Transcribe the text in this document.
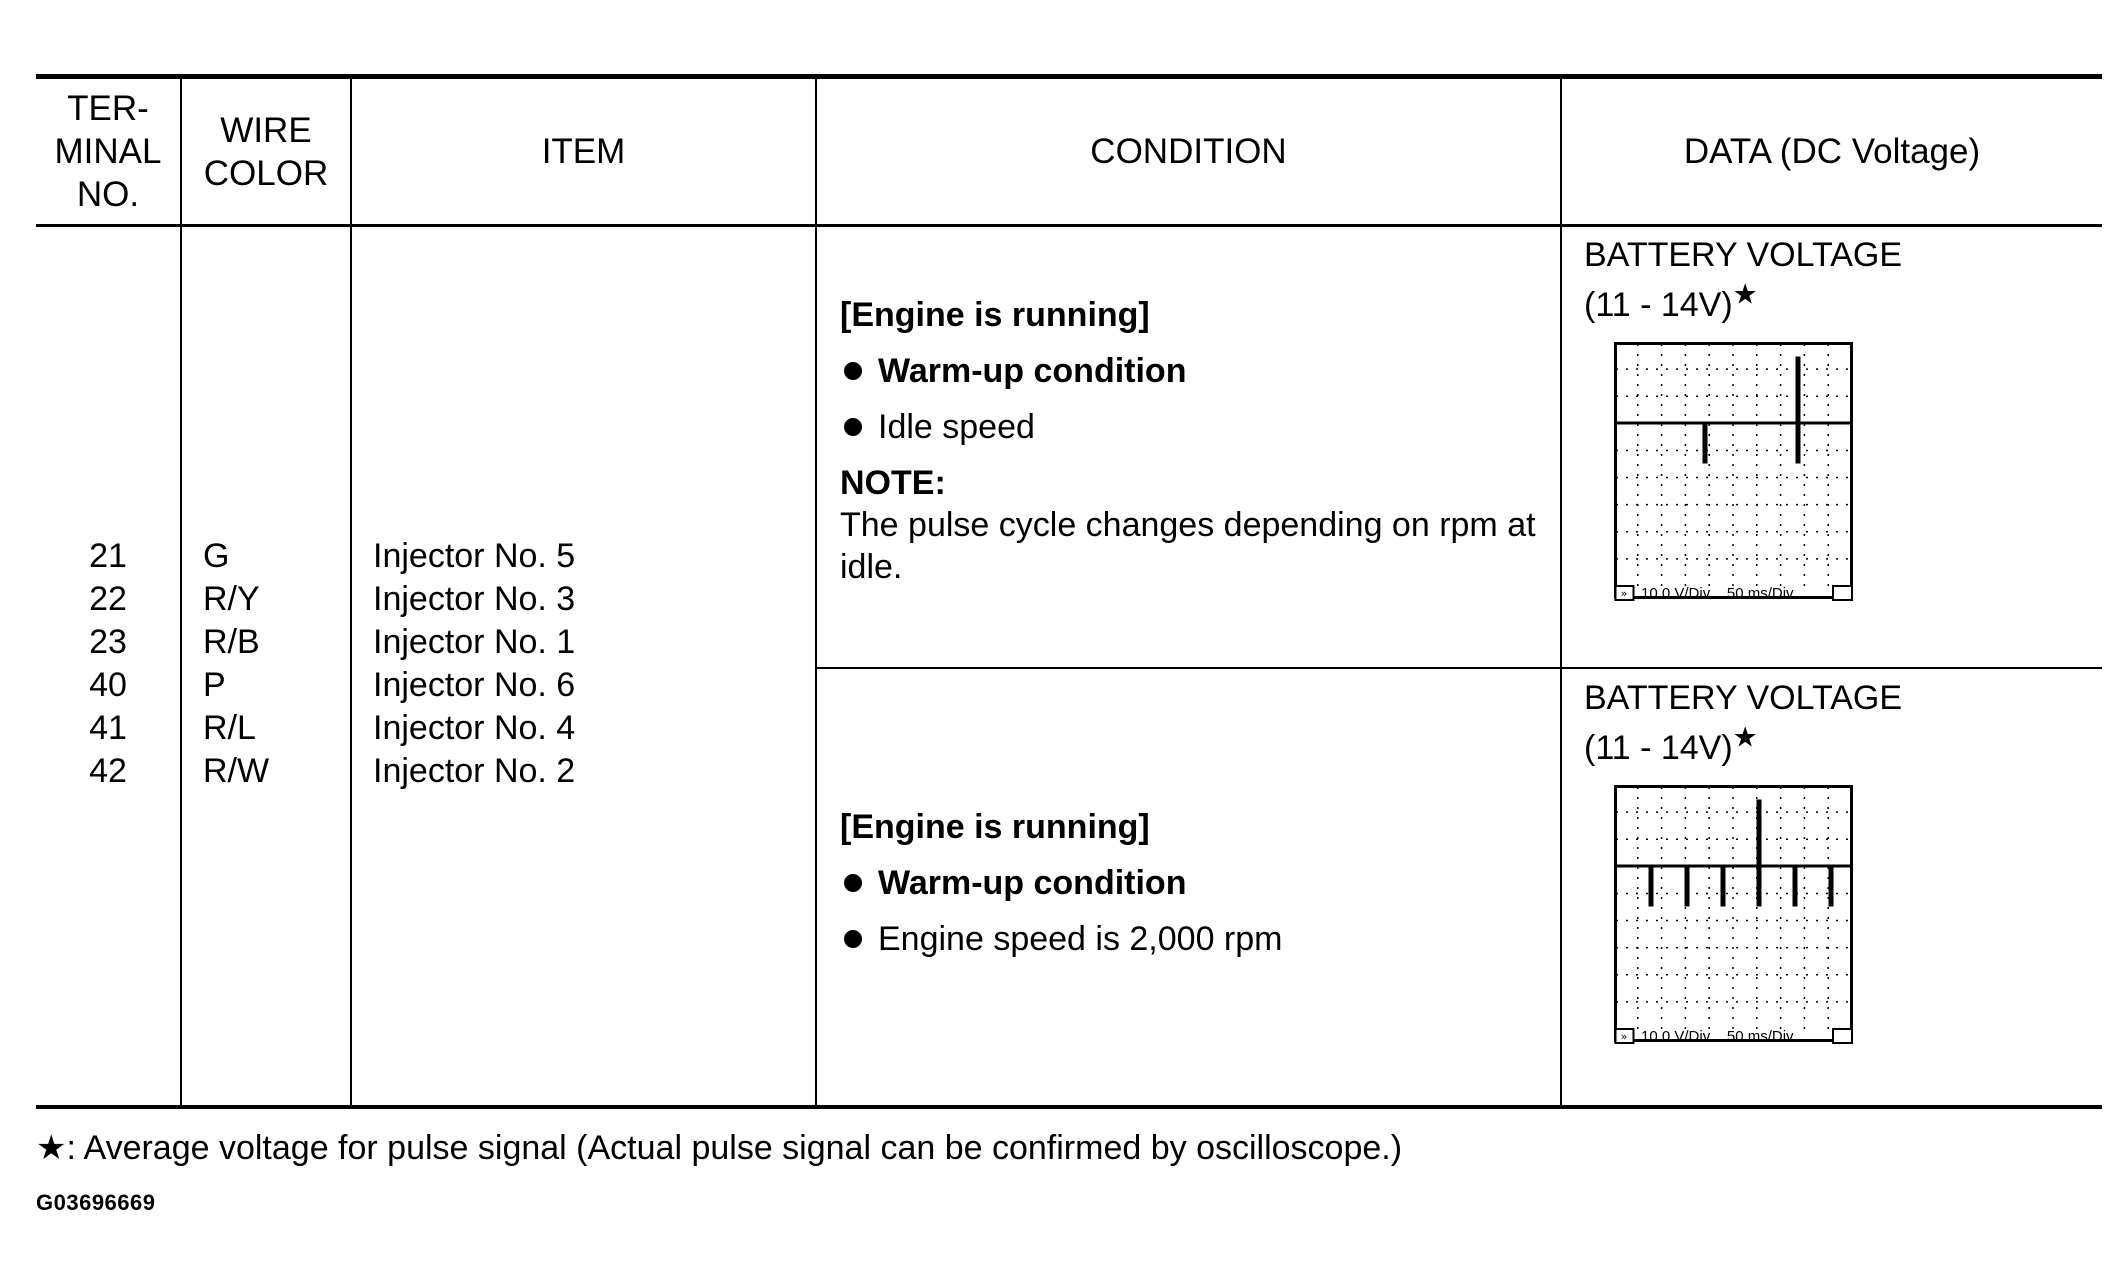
TER-
MINAL
NO.
WIRE
COLOR
ITEM	CONDITION	DATA (DC Voltage)
21
22
23
40
41
42
G
R/Y
R/B
P
R/L
R/W
Injector No. 5
Injector No. 3
Injector No. 1
Injector No. 6
Injector No. 4
Injector No. 2
[Engine is running]
Warm-up condition
Idle speed
NOTE:
The pulse cycle changes depending on rpm at
idle.
[Engine is running]
Warm-up condition
Engine speed is 2,000 rpm
BATTERY VOLTAGE
(11 - 14V)★
» 10.0 V/Div    50 ms/Div
BATTERY VOLTAGE
(11 - 14V)★
» 10.0 V/Div    50 ms/Div
★: Average voltage for pulse signal (Actual pulse signal can be confirmed by oscilloscope.)
G03696669
